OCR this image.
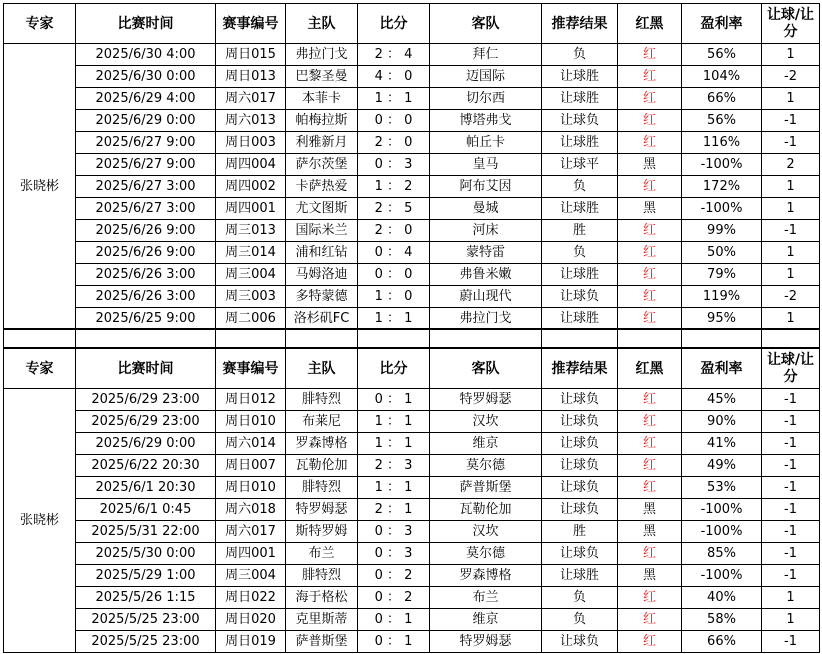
专家	比赛时间	赛事编号	主队	比分	客队	推荐结果	红黑	盈利率	让球/让分
张晓彬	2025/6/30 4:00	周日015	弗拉门戈	2 ： 4	拜仁	负	红	56%	1
	2025/6/30 0:00	周日013	巴黎圣曼	4 ： 0	迈国际	让球胜	红	104%	-2
	2025/6/29 4:00	周六017	本菲卡	1 ： 1	切尔西	让球胜	红	66%	1
	2025/6/29 0:00	周六013	帕梅拉斯	0 ： 0	博塔弗戈	让球负	红	56%	-1
	2025/6/27 9:00	周日003	利雅新月	2 ： 0	帕丘卡	让球胜	红	116%	-1
	2025/6/27 9:00	周四004	萨尔茨堡	0 ： 3	皇马	让球平	黑	-100%	2
	2025/6/27 3:00	周四002	卡萨热爱	1 ： 2	阿布艾因	负	红	172%	1
	2025/6/27 3:00	周四001	尤文图斯	2 ： 5	曼城	让球胜	黑	-100%	1
	2025/6/26 9:00	周三013	国际米兰	2 ： 0	河床	胜	红	99%	-1
	2025/6/26 9:00	周三014	浦和红钻	0 ： 4	蒙特雷	负	红	50%	1
	2025/6/26 3:00	周三004	马姆洛迪	0 ： 0	弗鲁米嫩	让球胜	红	79%	1
	2025/6/26 3:00	周三003	多特蒙德	1 ： 0	蔚山现代	让球负	红	119%	-2
	2025/6/25 9:00	周二006	洛杉矶FC	1 ： 1	弗拉门戈	让球胜	红	95%	1

专家	比赛时间	赛事编号	主队	比分	客队	推荐结果	红黑	盈利率	让球/让分
张晓彬	2025/6/29 23:00	周日012	腓特烈	0 ： 1	特罗姆瑟	让球负	红	45%	-1
	2025/6/29 23:00	周日010	布莱尼	1 ： 1	汉坎	让球负	红	90%	-1
	2025/6/29 0:00	周六014	罗森博格	1 ： 1	维京	让球负	红	41%	-1
	2025/6/22 20:30	周日007	瓦勒伦加	2 ： 3	莫尔德	让球负	红	49%	-1
	2025/6/1 20:30	周日010	腓特烈	1 ： 1	萨普斯堡	让球负	红	53%	-1
	2025/6/1 0:45	周六018	特罗姆瑟	2 ： 1	瓦勒伦加	让球负	黑	-100%	-1
	2025/5/31 22:00	周六017	斯特罗姆	0 ： 3	汉坎	胜	黑	-100%	-1
	2025/5/30 0:00	周四001	布兰	0 ： 3	莫尔德	让球负	红	85%	-1
	2025/5/29 1:00	周三004	腓特烈	0 ： 2	罗森博格	让球胜	黑	-100%	-1
	2025/5/26 1:15	周日022	海于格松	0 ： 2	布兰	负	红	40%	1
	2025/5/25 23:00	周日020	克里斯蒂	0 ： 1	维京	负	红	58%	1
	2025/5/25 23:00	周日019	萨普斯堡	0 ： 1	特罗姆瑟	让球负	红	66%	-1
